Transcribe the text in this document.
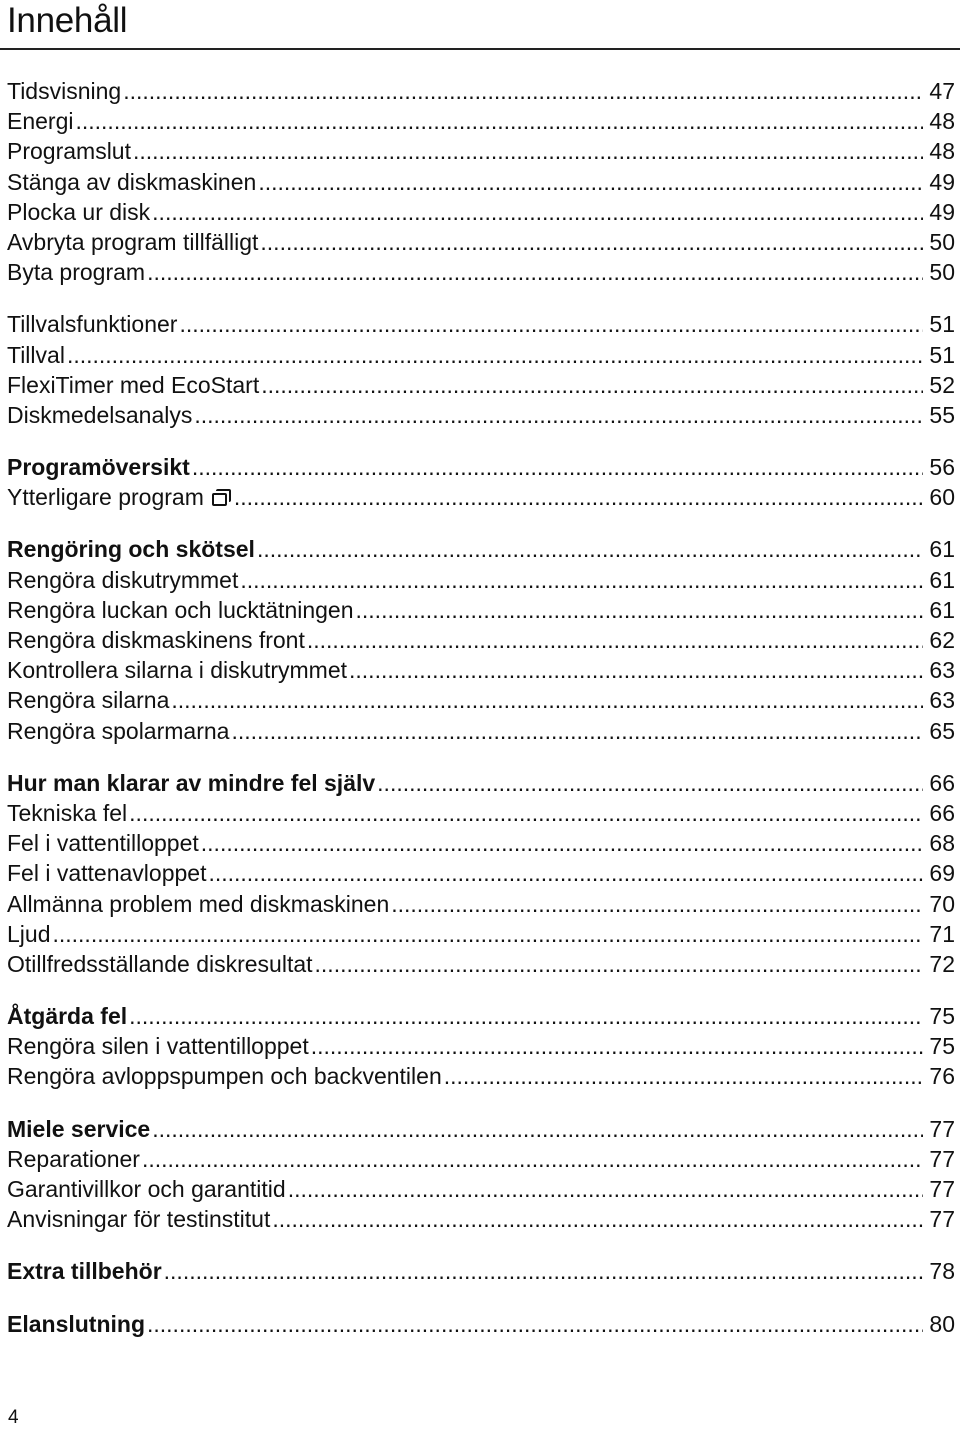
Innehåll
Tidsvisning .....	47
Energi .....	48
Programslut .....	48
Stänga av diskmaskinen .....	49
Plocka ur disk .....	49
Avbryta program tillfälligt .....	50
Byta program .....	50
Tillvalsfunktioner .....	51
Tillval .....	51
FlexiTimer med EcoStart .....	52
Diskmedelsanalys .....	55
Programöversikt .....	56
Ytterligare program .....	60
Rengöring och skötsel .....	61
Rengöra diskutrymmet .....	61
Rengöra luckan och lucktätningen .....	61
Rengöra diskmaskinens front .....	62
Kontrollera silarna i diskutrymmet .....	63
Rengöra silarna .....	63
Rengöra spolarmarna .....	65
Hur man klarar av mindre fel själv .....	66
Tekniska fel .....	66
Fel i vattentilloppet .....	68
Fel i vattenavloppet .....	69
Allmänna problem med diskmaskinen .....	70
Ljud .....	71
Otillfredsställande diskresultat .....	72
Åtgärda fel .....	75
Rengöra silen i vattentilloppet .....	75
Rengöra avloppspumpen och backventilen .....	76
Miele service .....	77
Reparationer .....	77
Garantivillkor och garantitid .....	77
Anvisningar för testinstitut .....	77
Extra tillbehör .....	78
Elanslutning .....	80
4
